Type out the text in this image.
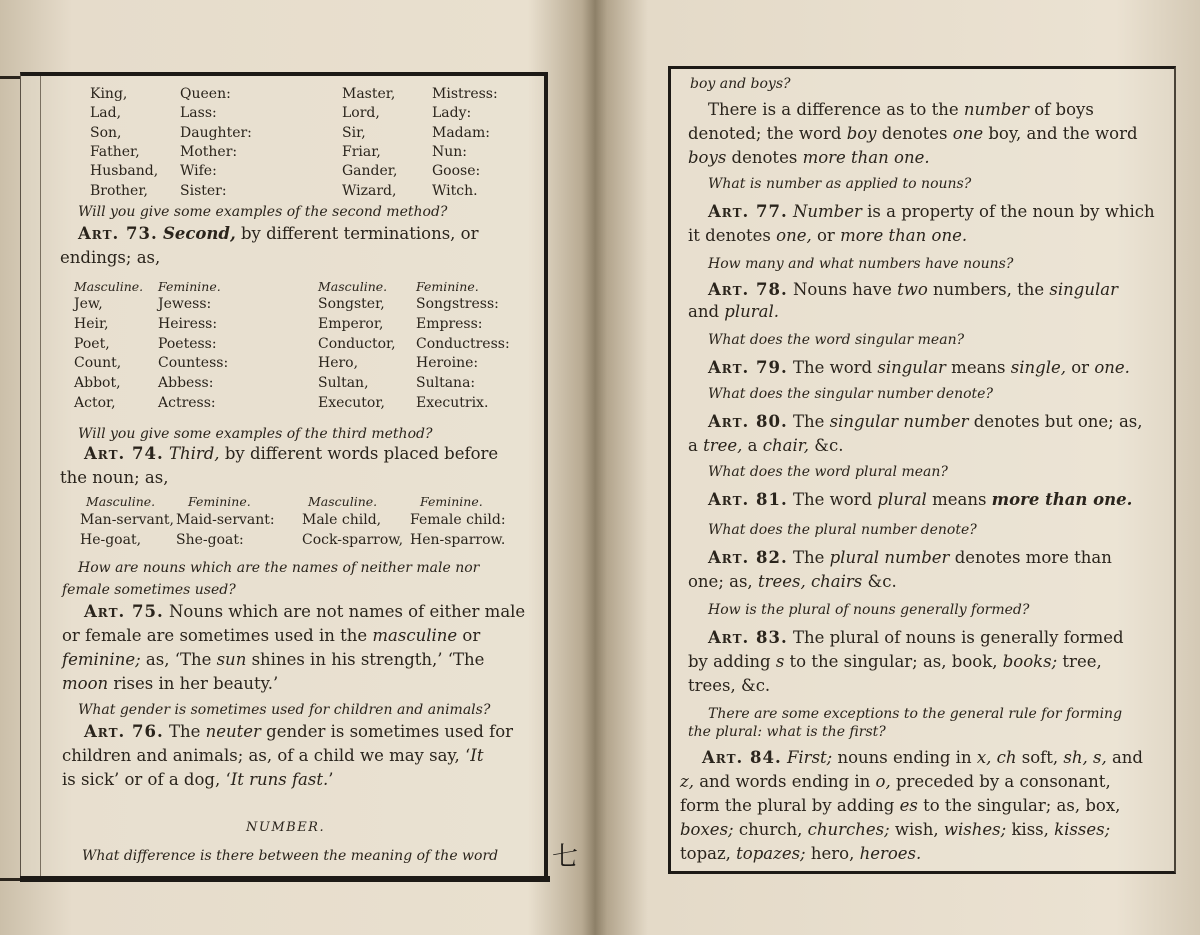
King,	Queen:	Master,	Mistress:
Lad,	Lass:	Lord,	Lady:
Son,	Daughter:	Sir,	Madam:
Father,	Mother:	Friar,	Nun:
Husband, Wife:	Gander, Goose:
Brother, Sister:	Wizard,	Witch.
Will you give some examples of the second method?
Art. 73. Second, by different terminations, or
endings; as,
Masculine. Feminine.	Masculine. Feminine.
Jew,	Jewess:	Songster, Songstress:
Heir,	Heiress:	Emperor, Empress:
Poet,	Poetess:	Conductor, Conductress:
Count,	Countess:	Hero,	Heroine:
Abbot,	Abbess:	Sultan,	Sultana:
Actor,	Actress:	Executor, Executrix.
Will you give some examples of the third method?
Art. 74. Third, by different words placed before
the noun; as,
Masculine.	Feminine.	Masculine.	Feminine.
Man-servant, Maid-servant: Male child, Female child:
He-goat, She-goat:	Cock-sparrow, Hen-sparrow.
How are nouns which are the names of neither male nor
female sometimes used?
Art. 75. Nouns which are not names of either male
or female are sometimes used in the masculine or
feminine; as, ‘The sun shines in his strength,’ ‘The
moon rises in her beauty.’
What gender is sometimes used for children and animals?
Art. 76. The neuter gender is sometimes used for
children and animals; as, of a child we may say, ‘It
is sick’ or of a dog, ‘It runs fast.’
NUMBER.
What difference is there between the meaning of the word 七
boy and boys?
There is a difference as to the number of boys
denoted; the word boy denotes one boy, and the word
boys denotes more than one.
What is number as applied to nouns?
Art. 77. Number is a property of the noun by which
it denotes one, or more than one.
How many and what numbers have nouns?
Art. 78. Nouns have two numbers, the singular
and plural.
What does the word singular mean?
Art. 79. The word singular means single, or one.
What does the singular number denote?
Art. 80. The singular number denotes but one; as,
a tree, a chair, &c.
What does the word plural mean?
Art. 81. The word plural means more than one.
What does the plural number denote?
Art. 82. The plural number denotes more than
one; as, trees, chairs &c.
How is the plural of nouns generally formed?
Art. 83. The plural of nouns is generally formed
by adding s to the singular; as, book, books; tree,
trees, &c.
There are some exceptions to the general rule for forming
the plural: what is the first?
Art. 84. First; nouns ending in x, ch soft, sh, s, and
z, and words ending in o, preceded by a consonant,
form the plural by adding es to the singular; as, box,
boxes; church, churches; wish, wishes; kiss, kisses;
topaz, topazes; hero, heroes.
